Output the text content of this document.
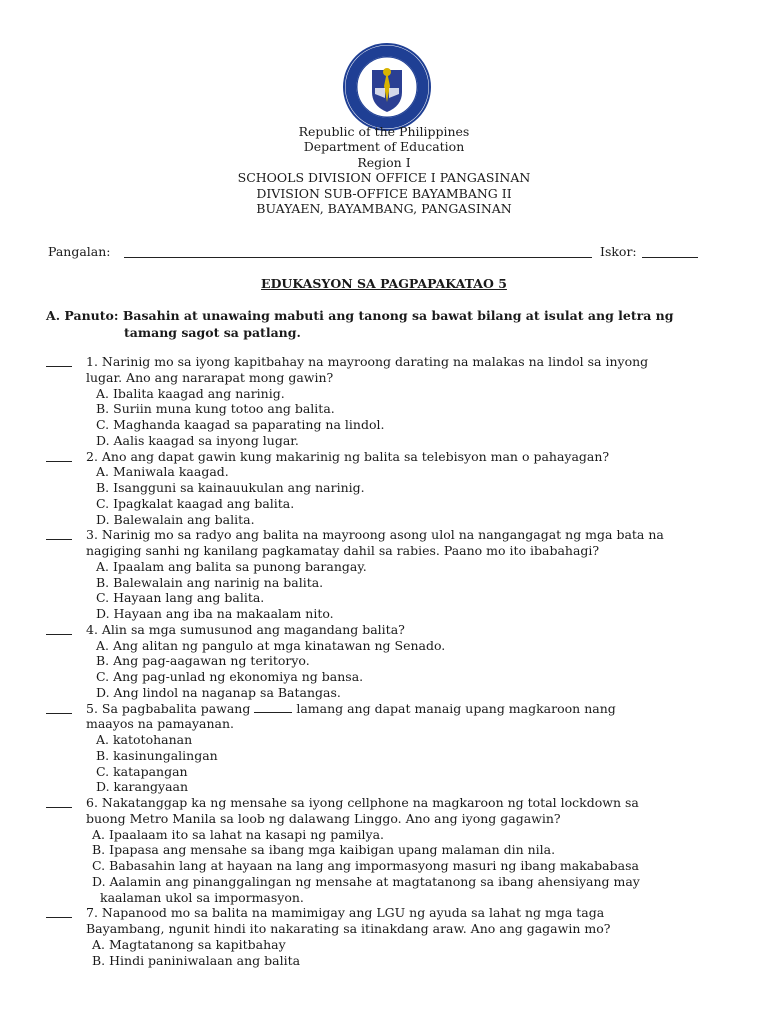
Republic of the Philippines
Department of Education
Region I
SCHOOLS DIVISION OFFICE I PANGASINAN
DIVISION SUB-OFFICE BAYAMBANG II
BUAYAEN, BAYAMBANG, PANGASINAN
Pangalan:	Iskor:
EDUKASYON SA PAGPAPAKATAO 5
A. Panuto: Basahin at unawaing mabuti ang tanong sa bawat bilang at isulat ang letra ng
tamang sagot sa patlang.
1. Narinig mo sa iyong kapitbahay na mayroong darating na malakas na lindol sa inyong
lugar. Ano ang nararapat mong gawin?
A. Ibalita kaagad ang narinig.
B. Suriin muna kung totoo ang balita.
C. Maghanda kaagad sa paparating na lindol.
D. Aalis kaagad sa inyong lugar.
2. Ano ang dapat gawin kung makarinig ng balita sa telebisyon man o pahayagan?
A. Maniwala kaagad.
B. Isangguni sa kainauukulan ang narinig.
C. Ipagkalat kaagad ang balita.
D. Balewalain ang balita.
3. Narinig mo sa radyo ang balita na mayroong asong ulol na nangangagat ng mga bata na
nagiging sanhi ng kanilang pagkamatay dahil sa rabies. Paano mo ito ibabahagi?
A. Ipaalam ang balita sa punong barangay.
B. Balewalain ang narinig na balita.
C. Hayaan lang ang balita.
D. Hayaan ang iba na makaalam nito.
4. Alin sa mga sumusunod ang magandang balita?
A. Ang alitan ng pangulo at mga kinatawan ng Senado.
B. Ang pag-aagawan ng teritoryo.
C. Ang pag-unlad ng ekonomiya ng bansa.
D. Ang lindol na naganap sa Batangas.
5. Sa pagbabalita pawang	lamang ang dapat manaig upang magkaroon nang
maayos na pamayanan.
A. katotohanan
B. kasinungalingan
C. katapangan
D. karangyaan
6. Nakatanggap ka ng mensahe sa iyong cellphone na magkaroon ng total lockdown sa
buong Metro Manila sa loob ng dalawang Linggo. Ano ang iyong gagawin?
A. Ipaalaam ito sa lahat na kasapi ng pamilya.
B. Ipapasa ang mensahe sa ibang mga kaibigan upang malaman din nila.
C. Babasahin lang at hayaan na lang ang impormasyong masuri ng ibang makababasa
D. Aalamin ang pinanggalingan ng mensahe at magtatanong sa ibang ahensiyang may
kaalaman ukol sa impormasyon.
7. Napanood mo sa balita na mamimigay ang LGU ng ayuda sa lahat ng mga taga
Bayambang, ngunit hindi ito nakarating sa itinakdang araw. Ano ang gagawin mo?
A. Magtatanong sa kapitbahay
B. Hindi paniniwalaan ang balita
